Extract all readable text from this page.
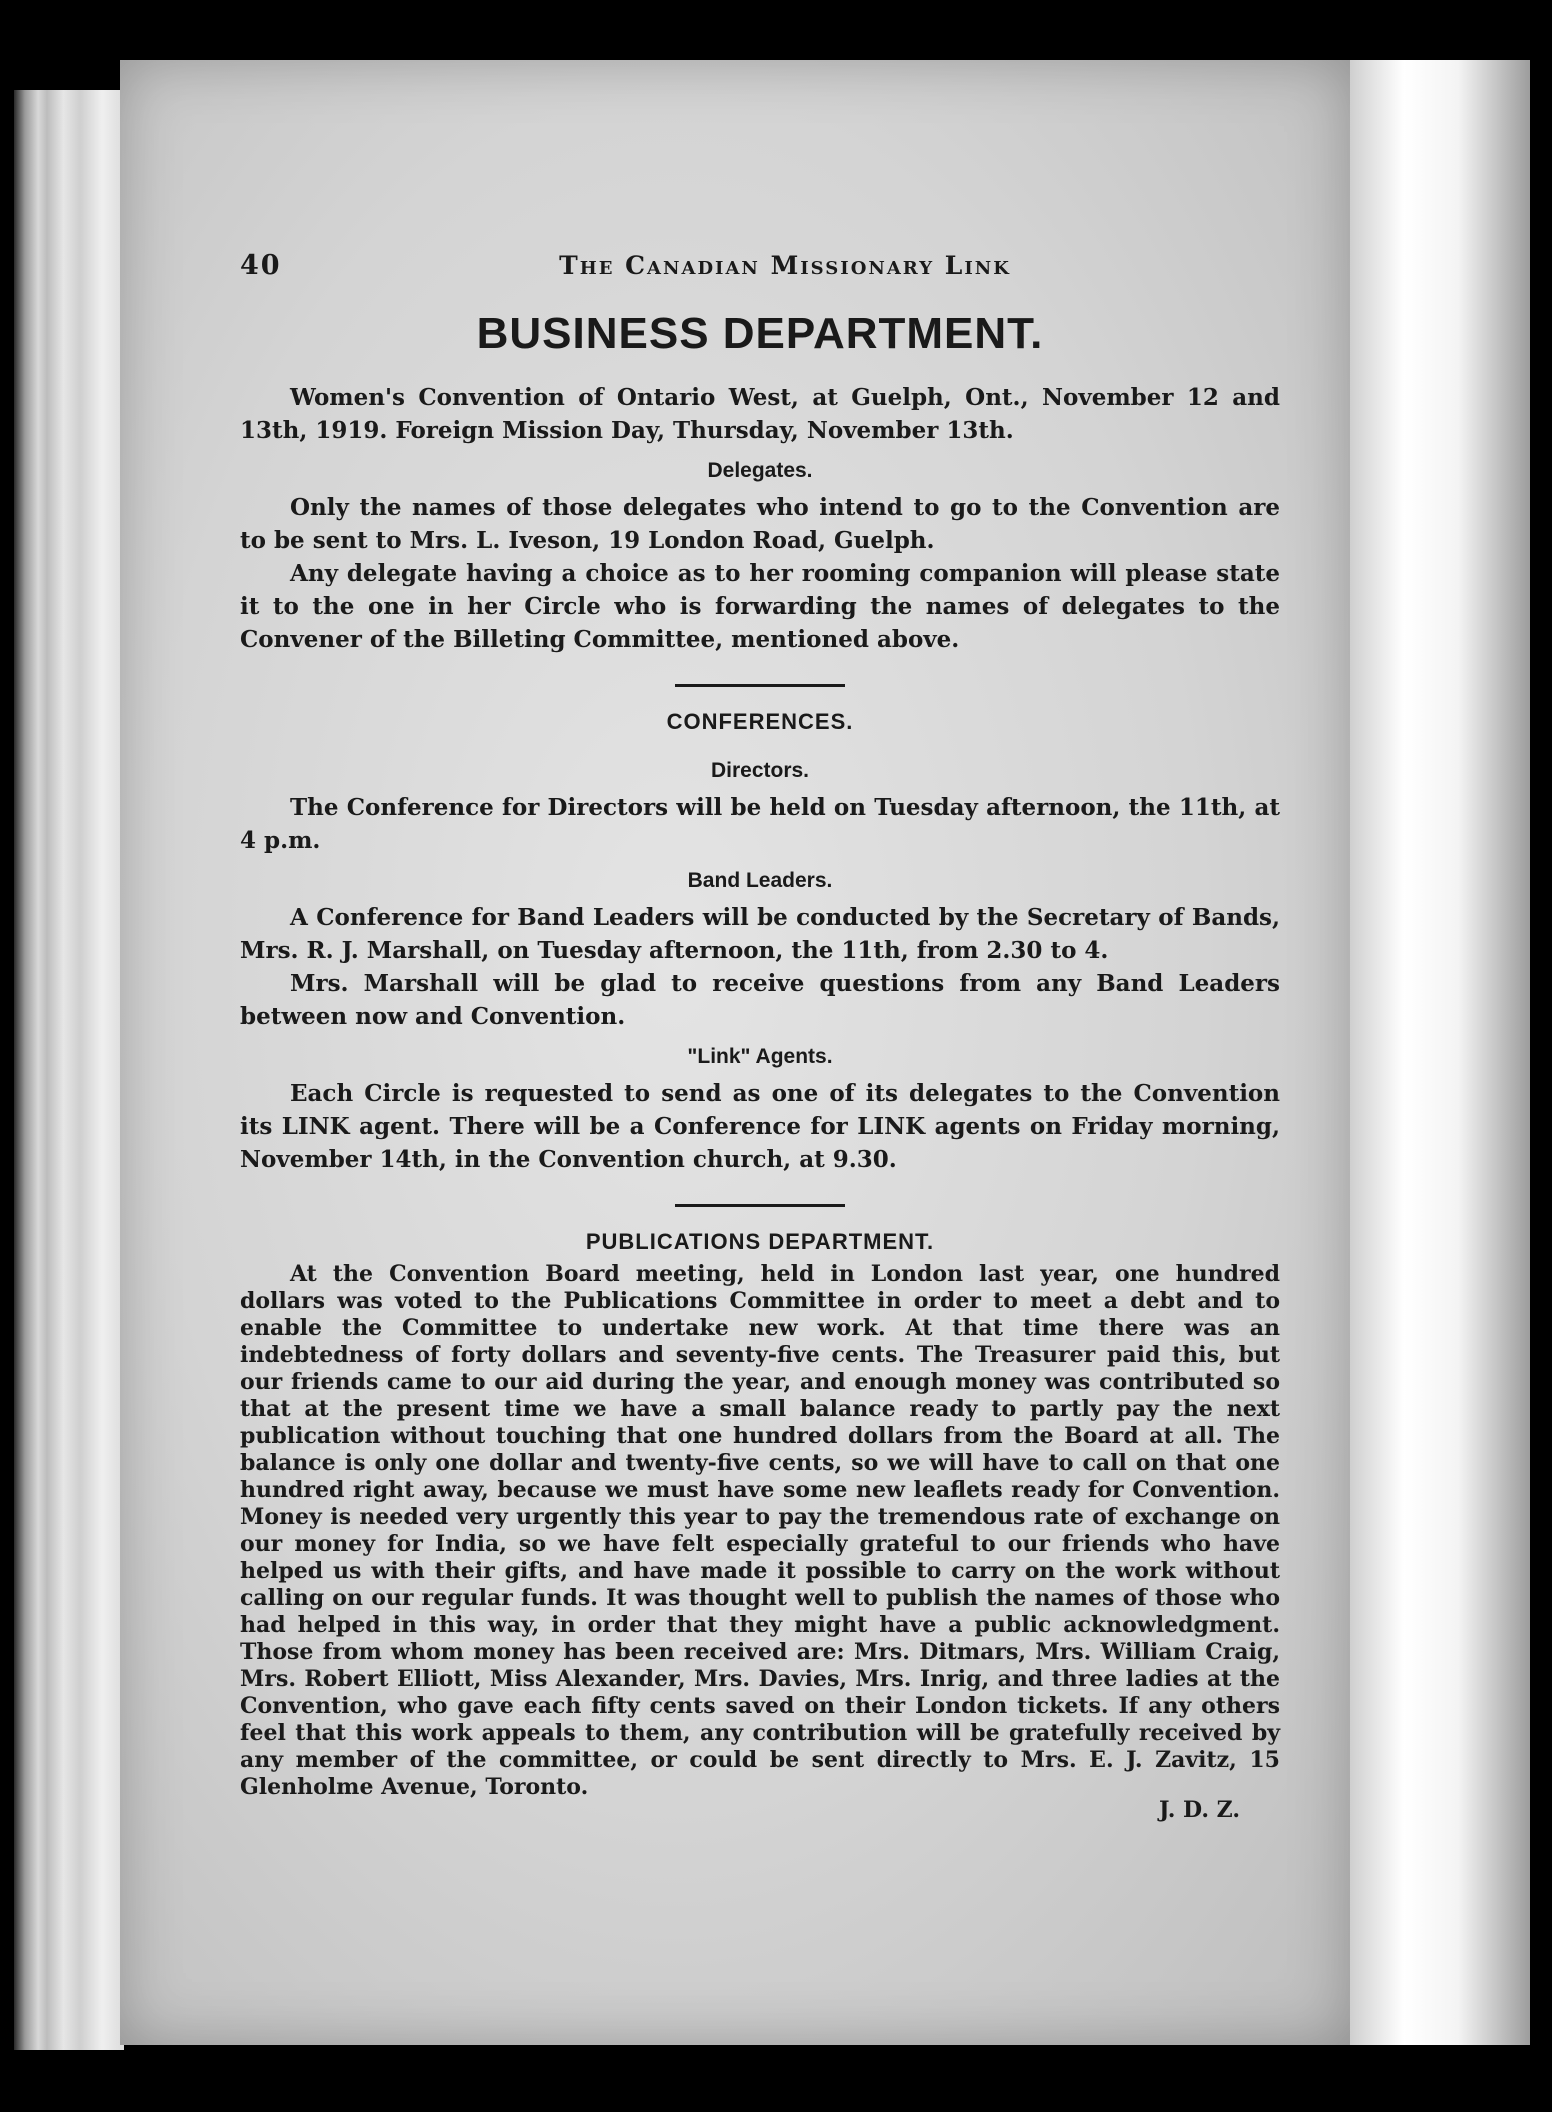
40	The Canadian Missionary Link
BUSINESS DEPARTMENT.

Women's Convention of Ontario West, at Guelph, Ont., November 12 and 13th, 1919. Foreign Mission Day, Thursday, November 13th.

Delegates.

Only the names of those delegates who intend to go to the Convention are to be sent to Mrs. L. Iveson, 19 London Road, Guelph.

Any delegate having a choice as to her rooming companion will please state it to the one in her Circle who is forwarding the names of delegates to the Convener of the Billeting Committee, mentioned above.

CONFERENCES.
Directors.

The Conference for Directors will be held on Tuesday afternoon, the 11th, at 4 p.m.

Band Leaders.

A Conference for Band Leaders will be conducted by the Secretary of Bands, Mrs. R. J. Marshall, on Tuesday afternoon, the 11th, from 2.30 to 4.

Mrs. Marshall will be glad to receive questions from any Band Leaders between now and Convention.

"Link" Agents.

Each Circle is requested to send as one of its delegates to the Convention its LINK agent. There will be a Conference for LINK agents on Friday morning, November 14th, in the Convention church, at 9.30.

PUBLICATIONS DEPARTMENT.

At the Convention Board meeting, held in London last year, one hundred dollars was voted to the Publications Committee in order to meet a debt and to enable the Committee to undertake new work. At that time there was an indebtedness of forty dollars and seventy-five cents. The Treasurer paid this, but our friends came to our aid during the year, and enough money was contributed so that at the present time we have a small balance ready to partly pay the next publication without touching that one hundred dollars from the Board at all. The balance is only one dollar and twenty-five cents, so we will have to call on that one hundred right away, because we must have some new leaflets ready for Convention. Money is needed very urgently this year to pay the tremendous rate of exchange on our money for India, so we have felt especially grateful to our friends who have helped us with their gifts, and have made it possible to carry on the work without calling on our regular funds. It was thought well to publish the names of those who had helped in this way, in order that they might have a public acknowledgment. Those from whom money has been received are: Mrs. Ditmars, Mrs. William Craig, Mrs. Robert Elliott, Miss Alexander, Mrs. Davies, Mrs. Inrig, and three ladies at the Convention, who gave each fifty cents saved on their London tickets. If any others feel that this work appeals to them, any contribution will be gratefully received by any member of the committee, or could be sent directly to Mrs. E. J. Zavitz, 15 Glenholme Avenue, Toronto.

J. D. Z.
